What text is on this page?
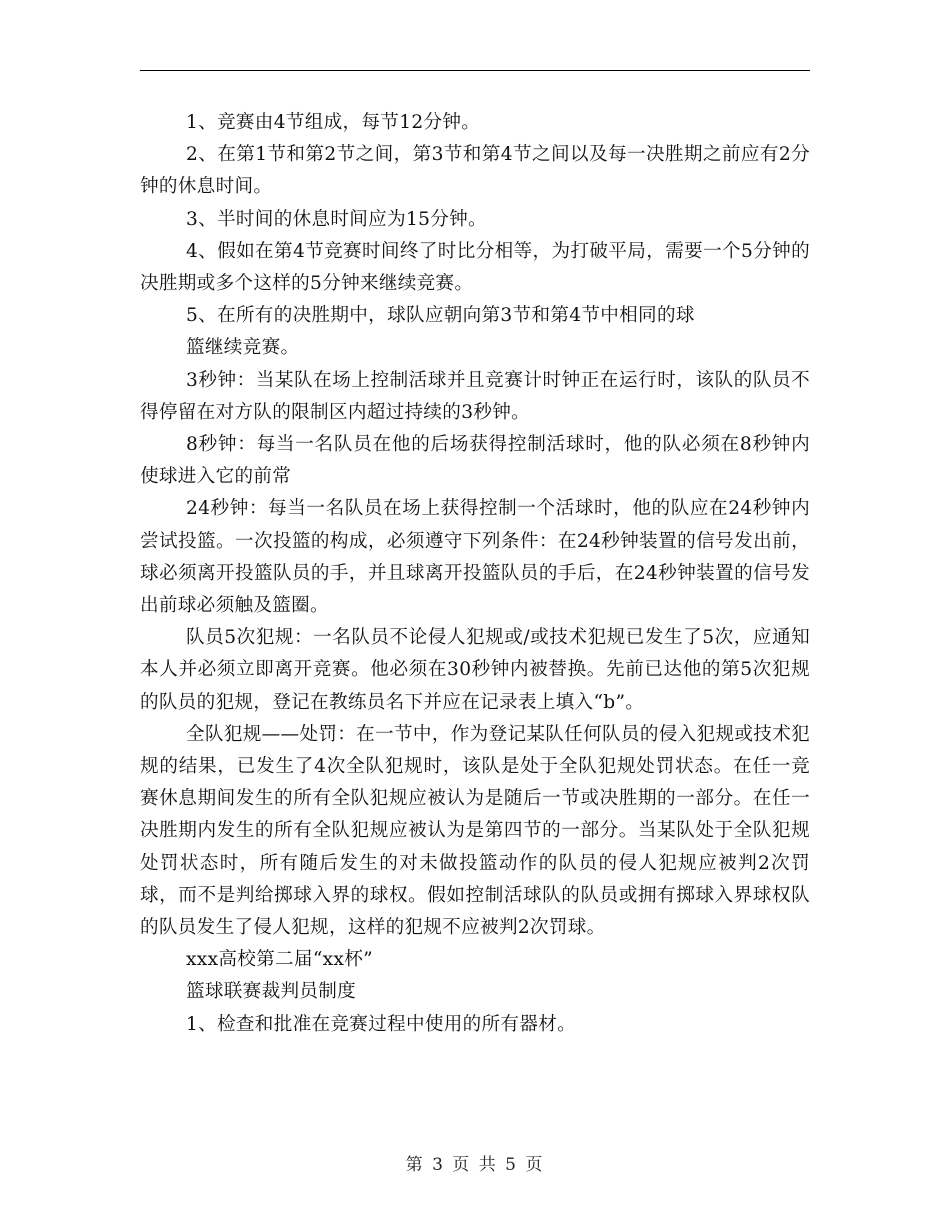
1、竞赛由4节组成，每节12分钟。

2、在第1节和第2节之间，第3节和第4节之间以及每一决胜期之前应有2分钟的休息时间。

3、半时间的休息时间应为15分钟。

4、假如在第4节竞赛时间终了时比分相等，为打破平局，需要一个5分钟的决胜期或多个这样的5分钟来继续竞赛。

5、在所有的决胜期中，球队应朝向第3节和第4节中相同的球

篮继续竞赛。

3秒钟：当某队在场上控制活球并且竞赛计时钟正在运行时，该队的队员不得停留在对方队的限制区内超过持续的3秒钟。

8秒钟：每当一名队员在他的后场获得控制活球时，他的队必须在8秒钟内使球进入它的前常

24秒钟：每当一名队员在场上获得控制一个活球时，他的队应在24秒钟内尝试投篮。一次投篮的构成，必须遵守下列条件：在24秒钟装置的信号发出前，球必须离开投篮队员的手，并且球离开投篮队员的手后，在24秒钟装置的信号发出前球必须触及篮圈。

队员5次犯规：一名队员不论侵人犯规或/或技术犯规已发生了5次，应通知本人并必须立即离开竞赛。他必须在30秒钟内被替换。先前已达他的第5次犯规的队员的犯规，登记在教练员名下并应在记录表上填入“b”。

全队犯规——处罚：在一节中，作为登记某队任何队员的侵入犯规或技术犯规的结果，已发生了4次全队犯规时，该队是处于全队犯规处罚状态。在任一竞赛休息期间发生的所有全队犯规应被认为是随后一节或决胜期的一部分。在任一决胜期内发生的所有全队犯规应被认为是第四节的一部分。当某队处于全队犯规处罚状态时，所有随后发生的对未做投篮动作的队员的侵人犯规应被判2次罚球，而不是判给掷球入界的球权。假如控制活球队的队员或拥有掷球入界球权队的队员发生了侵人犯规，这样的犯规不应被判2次罚球。

xxx高校第二届“xx杯”

篮球联赛裁判员制度

1、检查和批准在竞赛过程中使用的所有器材。

第 3 页 共 5 页
